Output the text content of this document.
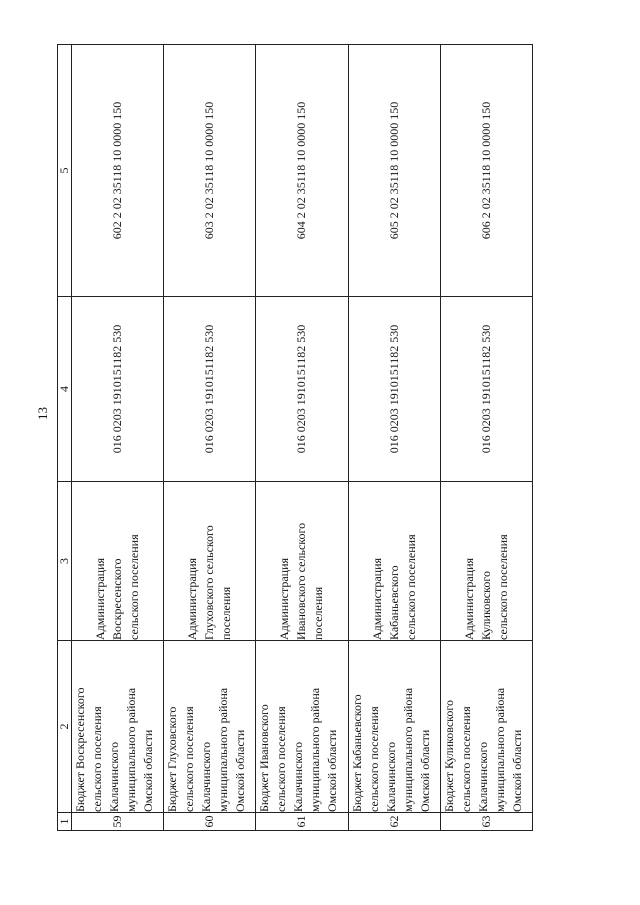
13
1	2	3	4	5
59	Бюджет Воскресенского
сельского поселения
Калачинского
муниципального района
Омской области	Администрация
Воскресенского
сельского поселения	016 0203 1910151182 530	602 2 02 35118 10 0000 150
60	Бюджет Глуховского
сельского поселения
Калачинского
муниципального района
Омской области	Администрация
Глуховского сельского
поселения	016 0203 1910151182 530	603 2 02 35118 10 0000 150
61	Бюджет Ивановского
сельского поселения
Калачинского
муниципального района
Омской области	Администрация
Ивановского сельского
поселения	016 0203 1910151182 530	604 2 02 35118 10 0000 150
62	Бюджет Кабаньевского
сельского поселения
Калачинского
муниципального района
Омской области	Администрация
Кабаньевского
сельского поселения	016 0203 1910151182 530	605 2 02 35118 10 0000 150
63	Бюджет Куликовского
сельского поселения
Калачинского
муниципального района
Омской области	Администрация
Куликовского
сельского поселения	016 0203 1910151182 530	606 2 02 35118 10 0000 150
